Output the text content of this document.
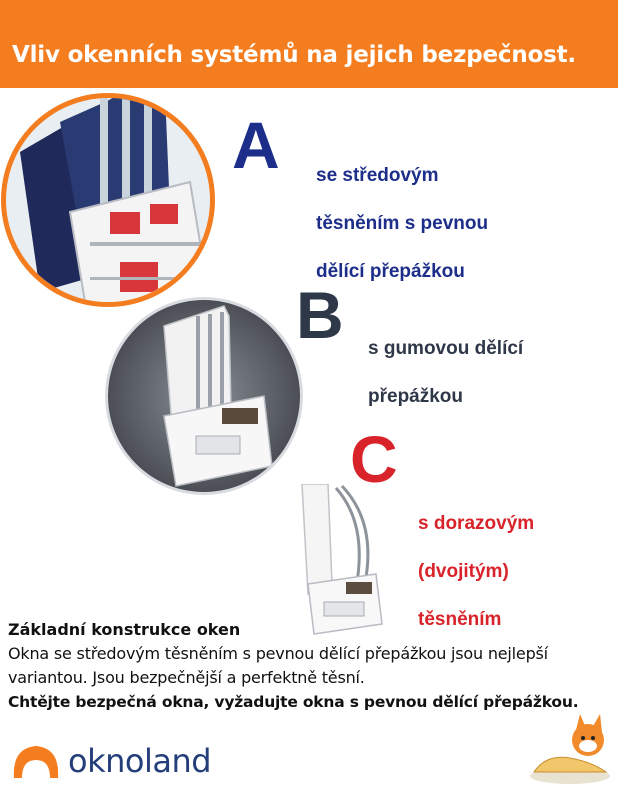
Vliv okenních systémů na jejich bezpečnost.
A se středovým

těsněním s pevnou

dělící přepážkou

B s gumovou dělící

přepážkou

C

s dorazovým

(dvojitým)

těsněním

Základní konstrukce oken
Okna se středovým těsněním s pevnou dělící přepážkou jsou nejlepší
variantou. Jsou bezpečnější a perfektně těsní.
Chtějte bezpečná okna, vyžadujte okna s pevnou dělící přepážkou.
oknoland
